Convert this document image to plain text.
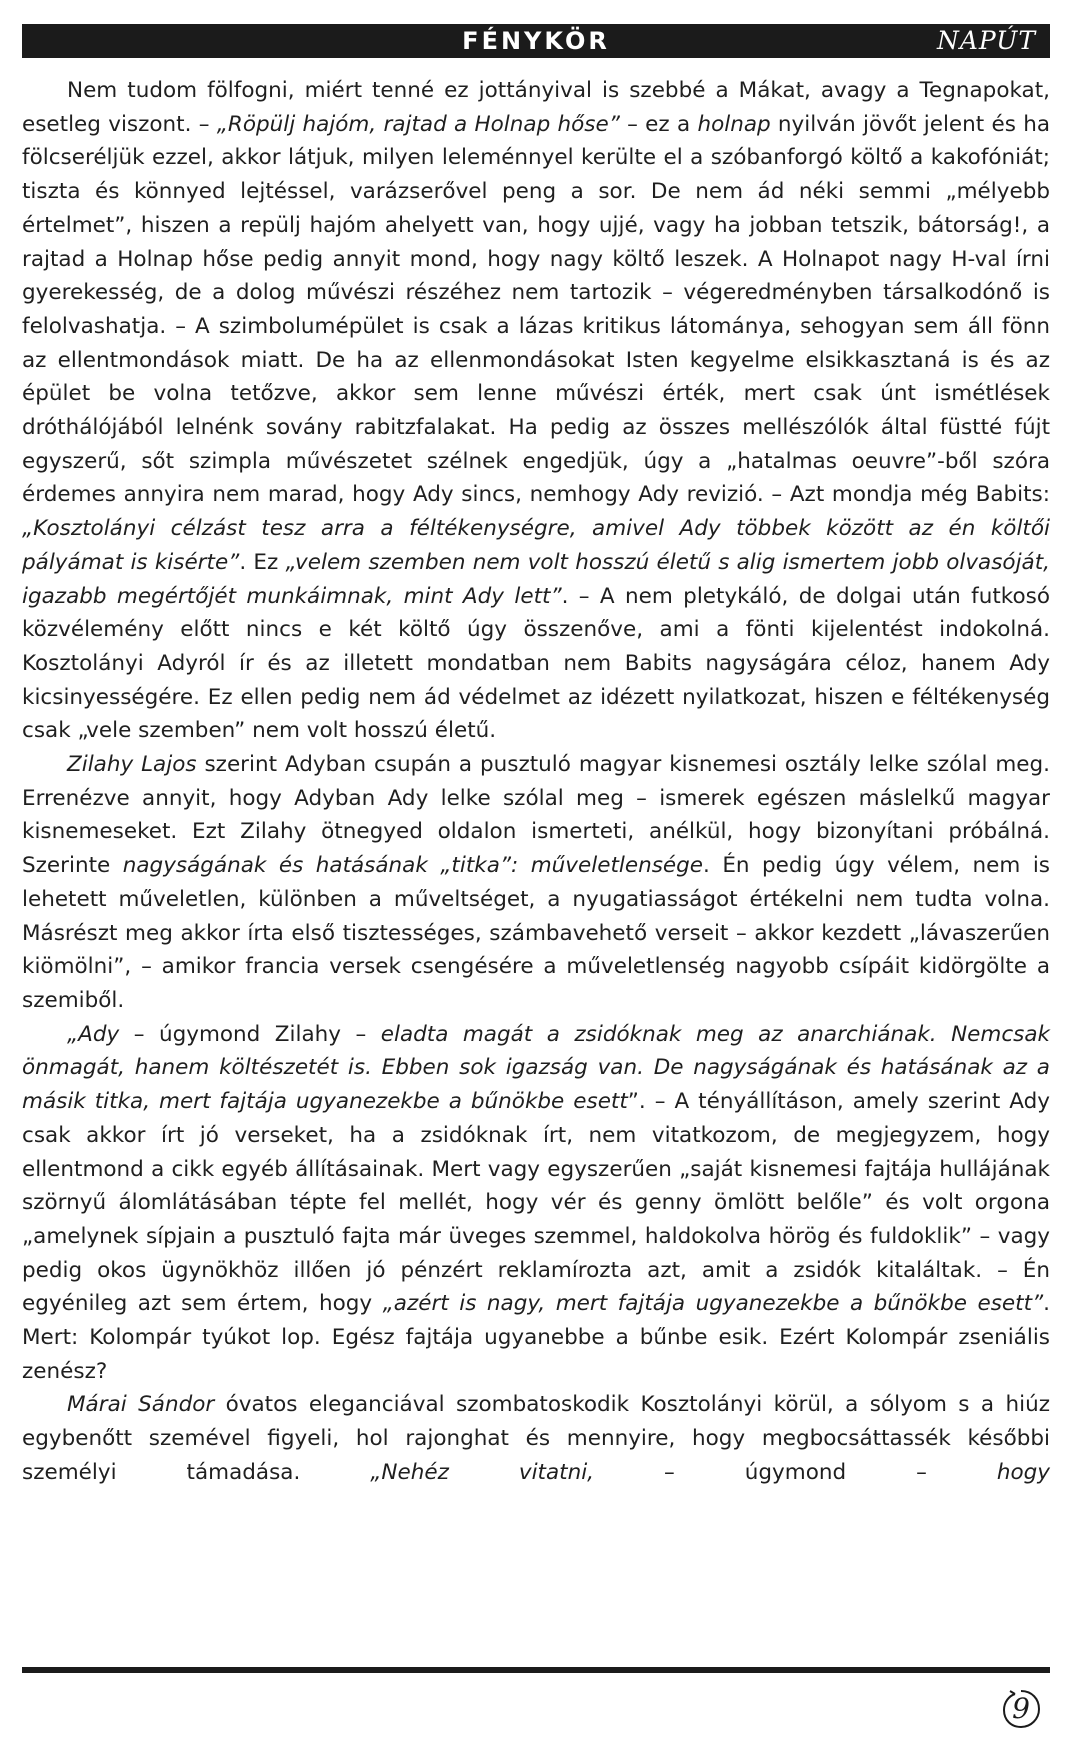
FÉNYKÖR	NAPÚT

Nem tudom fölfogni, miért tenné ez jottányival is szebbé a Mákat, avagy a Tegnapokat, esetleg viszont. – „Röpülj hajóm, rajtad a Holnap hőse” – ez a holnap nyilván jövőt jelent és ha fölcseréljük ezzel, akkor látjuk, milyen leleménnyel kerülte el a szóbanforgó költő a kakofóniát; tiszta és könnyed lejtéssel, varázserővel peng a sor. De nem ád néki semmi „mélyebb értelmet”, hiszen a repülj hajóm ahelyett van, hogy ujjé, vagy ha jobban tetszik, bátorság!, a rajtad a Holnap hőse pedig annyit mond, hogy nagy költő leszek. A Holnapot nagy H-val írni gyerekesség, de a dolog művészi részéhez nem tartozik – végeredményben társalkodónő is felolvashatja. – A szimbolumépület is csak a lázas kritikus látománya, sehogyan sem áll fönn az ellentmondások miatt. De ha az ellenmondásokat Isten kegyelme elsikkasztaná is és az épület be volna tetőzve, akkor sem lenne művészi érték, mert csak únt ismétlések dróthálójából lelnénk sovány rabitzfalakat. Ha pedig az összes mellészólók által füstté fújt egyszerű, sőt szimpla művészetet szélnek engedjük, úgy a „hatalmas oeuvre”-ből szóra érdemes annyira nem marad, hogy Ady sincs, nemhogy Ady revizió. – Azt mondja még Babits: „Kosztolányi célzást tesz arra a féltékenységre, amivel Ady többek között az én költői pályámat is kisérte”. Ez „velem szemben nem volt hosszú életű s alig ismertem jobb olvasóját, igazabb megértőjét munkáimnak, mint Ady lett”. – A nem pletykáló, de dolgai után futkosó közvélemény előtt nincs e két költő úgy összenőve, ami a fönti kijelentést indokolná. Kosztolányi Adyról ír és az illetett mondatban nem Babits nagyságára céloz, hanem Ady kicsinyességére. Ez ellen pedig nem ád védelmet az idézett nyilatkozat, hiszen e féltékenység csak „vele szemben” nem volt hosszú életű.

Zilahy Lajos szerint Adyban csupán a pusztuló magyar kisnemesi osztály lelke szólal meg. Errenézve annyit, hogy Adyban Ady lelke szólal meg – ismerek egészen máslelkű magyar kisnemeseket. Ezt Zilahy ötnegyed oldalon ismerteti, anélkül, hogy bizonyítani próbálná. Szerinte nagyságának és hatásának „titka”: műveletlensége. Én pedig úgy vélem, nem is lehetett műveletlen, különben a műveltséget, a nyugatiasságot értékelni nem tudta volna. Másrészt meg akkor írta első tisztességes, számbavehető verseit – akkor kezdett „lávaszerűen kiömölni”, – amikor francia versek csengésére a műveletlenség nagyobb csípáit kidörgölte a szemiből.

„Ady – úgymond Zilahy – eladta magát a zsidóknak meg az anarchiának. Nemcsak önmagát, hanem költészetét is. Ebben sok igazság van. De nagyságának és hatásának az a másik titka, mert fajtája ugyanezekbe a bűnökbe esett”. – A tényállításon, amely szerint Ady csak akkor írt jó verseket, ha a zsidóknak írt, nem vitatkozom, de megjegyzem, hogy ellentmond a cikk egyéb állításainak. Mert vagy egyszerűen „saját kisnemesi fajtája hullájának szörnyű álomlátásában tépte fel mellét, hogy vér és genny ömlött belőle” és volt orgona „amelynek sípjain a pusztuló fajta már üveges szemmel, haldokolva hörög és fuldoklik” – vagy pedig okos ügynökhöz illően jó pénzért reklamírozta azt, amit a zsidók kitaláltak. – Én egyénileg azt sem értem, hogy „azért is nagy, mert fajtája ugyanezekbe a bűnökbe esett”. Mert: Kolompár tyúkot lop. Egész fajtája ugyanebbe a bűnbe esik. Ezért Kolompár zseniális zenész?

Márai Sándor óvatos eleganciával szombatoskodik Kosztolányi körül, a sólyom s a hiúz egybenőtt szemével figyeli, hol rajonghat és mennyire, hogy megbocsáttassék későbbi személyi támadása. „Nehéz vitatni, – úgymond – hogy

9
